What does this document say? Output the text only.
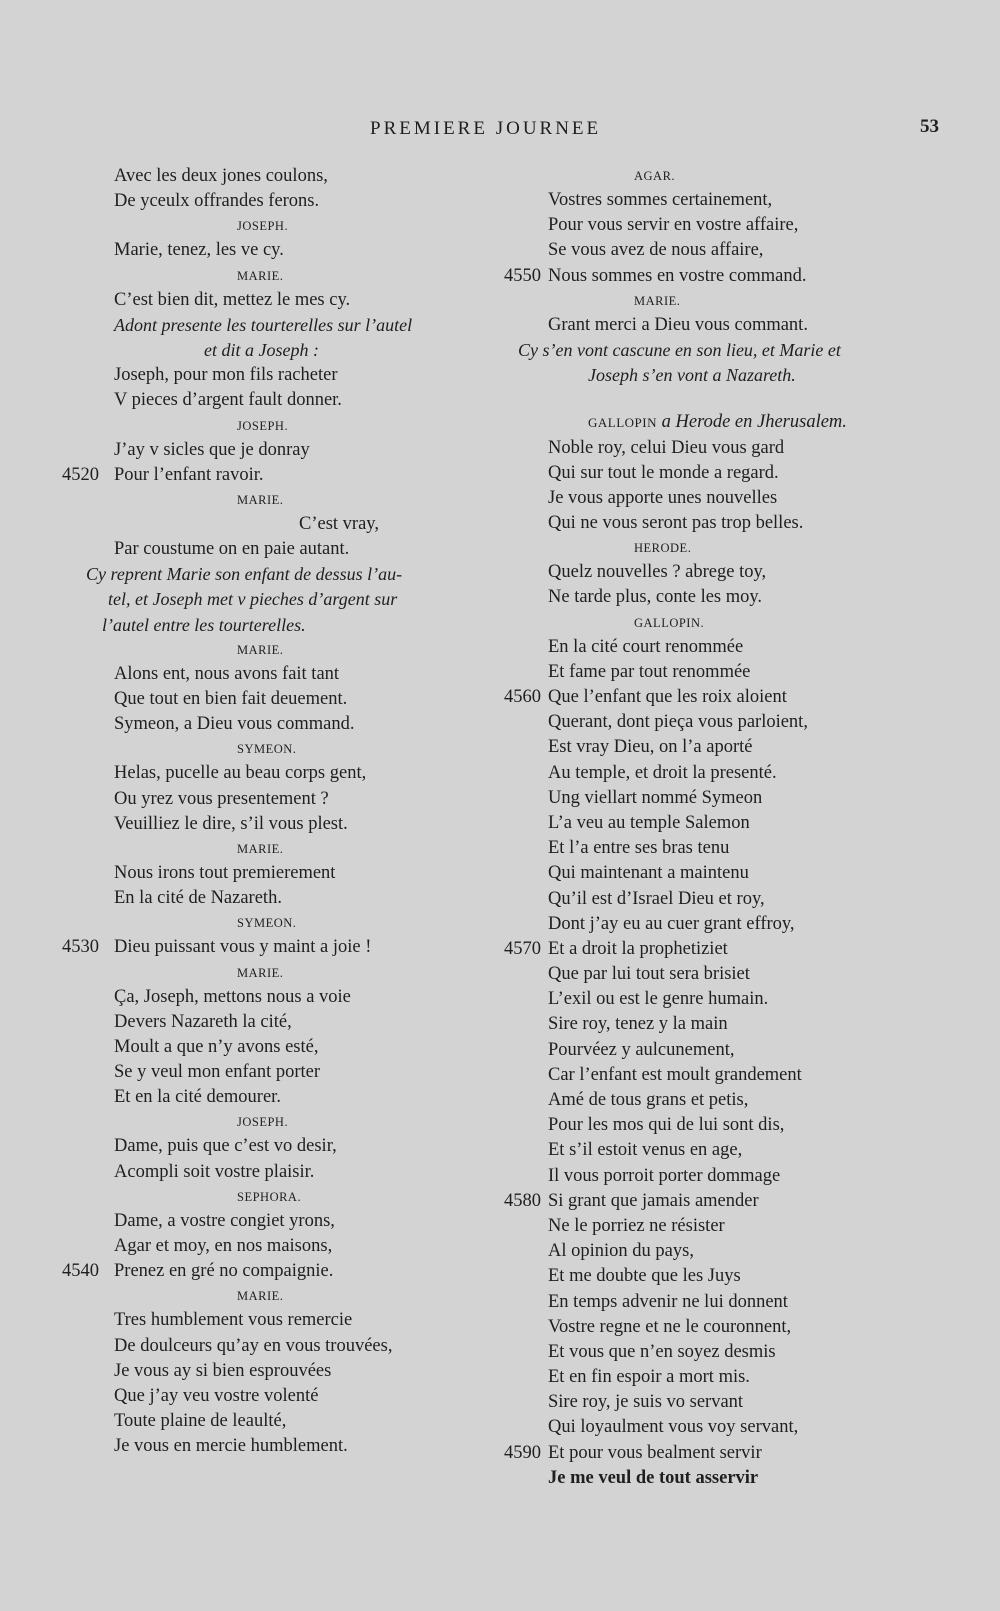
PREMIERE JOURNEE	53
Avec les deux jones coulons,
De yceulx offrandes ferons.
JOSEPH.
Marie, tenez, les ve cy.
MARIE.
C’est bien dit, mettez le mes cy.
Adont presente les tourterelles sur l’autel
et dit a Joseph :
Joseph, pour mon fils racheter
V pieces d’argent fault donner.
JOSEPH.
J’ay v sicles que je donray
4520 Pour l’enfant ravoir.
MARIE.
C’est vray,
Par coustume on en paie autant.
Cy reprent Marie son enfant de dessus l’au-
tel, et Joseph met v pieches d’argent sur
l’autel entre les tourterelles.
MARIE.
Alons ent, nous avons fait tant
Que tout en bien fait deuement.
Symeon, a Dieu vous command.
SYMEON.
Helas, pucelle au beau corps gent,
Ou yrez vous presentement ?
Veuilliez le dire, s’il vous plest.
MARIE.
Nous irons tout premierement
En la cité de Nazareth.
SYMEON.
4530 Dieu puissant vous y maint a joie !
MARIE.
Ça, Joseph, mettons nous a voie
Devers Nazareth la cité,
Moult a que n’y avons esté,
Se y veul mon enfant porter
Et en la cité demourer.
JOSEPH.
Dame, puis que c’est vo desir,
Acompli soit vostre plaisir.
SEPHORA.
Dame, a vostre congiet yrons,
Agar et moy, en nos maisons,
4540 Prenez en gré no compaignie.
MARIE.
Tres humblement vous remercie
De doulceurs qu’ay en vous trouvées,
Je vous ay si bien esprouvées
Que j’ay veu vostre volenté
Toute plaine de leaulté,
Je vous en mercie humblement.
AGAR.
Vostres sommes certainement,
Pour vous servir en vostre affaire,
Se vous avez de nous affaire,
4550 Nous sommes en vostre command.
MARIE.
Grant merci a Dieu vous commant.
Cy s’en vont cascune en son lieu, et Marie et
Joseph s’en vont a Nazareth.
GALLOPIN a Herode en Jherusalem.
Noble roy, celui Dieu vous gard
Qui sur tout le monde a regard.
Je vous apporte unes nouvelles
Qui ne vous seront pas trop belles.
HERODE.
Quelz nouvelles ? abrege toy,
Ne tarde plus, conte les moy.
GALLOPIN.
En la cité court renommée
Et fame par tout renommée
4560 Que l’enfant que les roix aloient
Querant, dont pieça vous parloient,
Est vray Dieu, on l’a aporté
Au temple, et droit la presenté.
Ung viellart nommé Symeon
L’a veu au temple Salemon
Et l’a entre ses bras tenu
Qui maintenant a maintenu
Qu’il est d’Israel Dieu et roy,
Dont j’ay eu au cuer grant effroy,
4570 Et a droit la prophetiziet
Que par lui tout sera brisiet
L’exil ou est le genre humain.
Sire roy, tenez y la main
Pourvéez y aulcunement,
Car l’enfant est moult grandement
Amé de tous grans et petis,
Pour les mos qui de lui sont dis,
Et s’il estoit venus en age,
Il vous porroit porter dommage
4580 Si grant que jamais amender
Ne le porriez ne résister
Al opinion du pays,
Et me doubte que les Juys
En temps advenir ne lui donnent
Vostre regne et ne le couronnent,
Et vous que n’en soyez desmis
Et en fin espoir a mort mis.
Sire roy, je suis vo servant
Qui loyaulment vous voy servant,
4590 Et pour vous bealment servir
Je me veul de tout asservir
